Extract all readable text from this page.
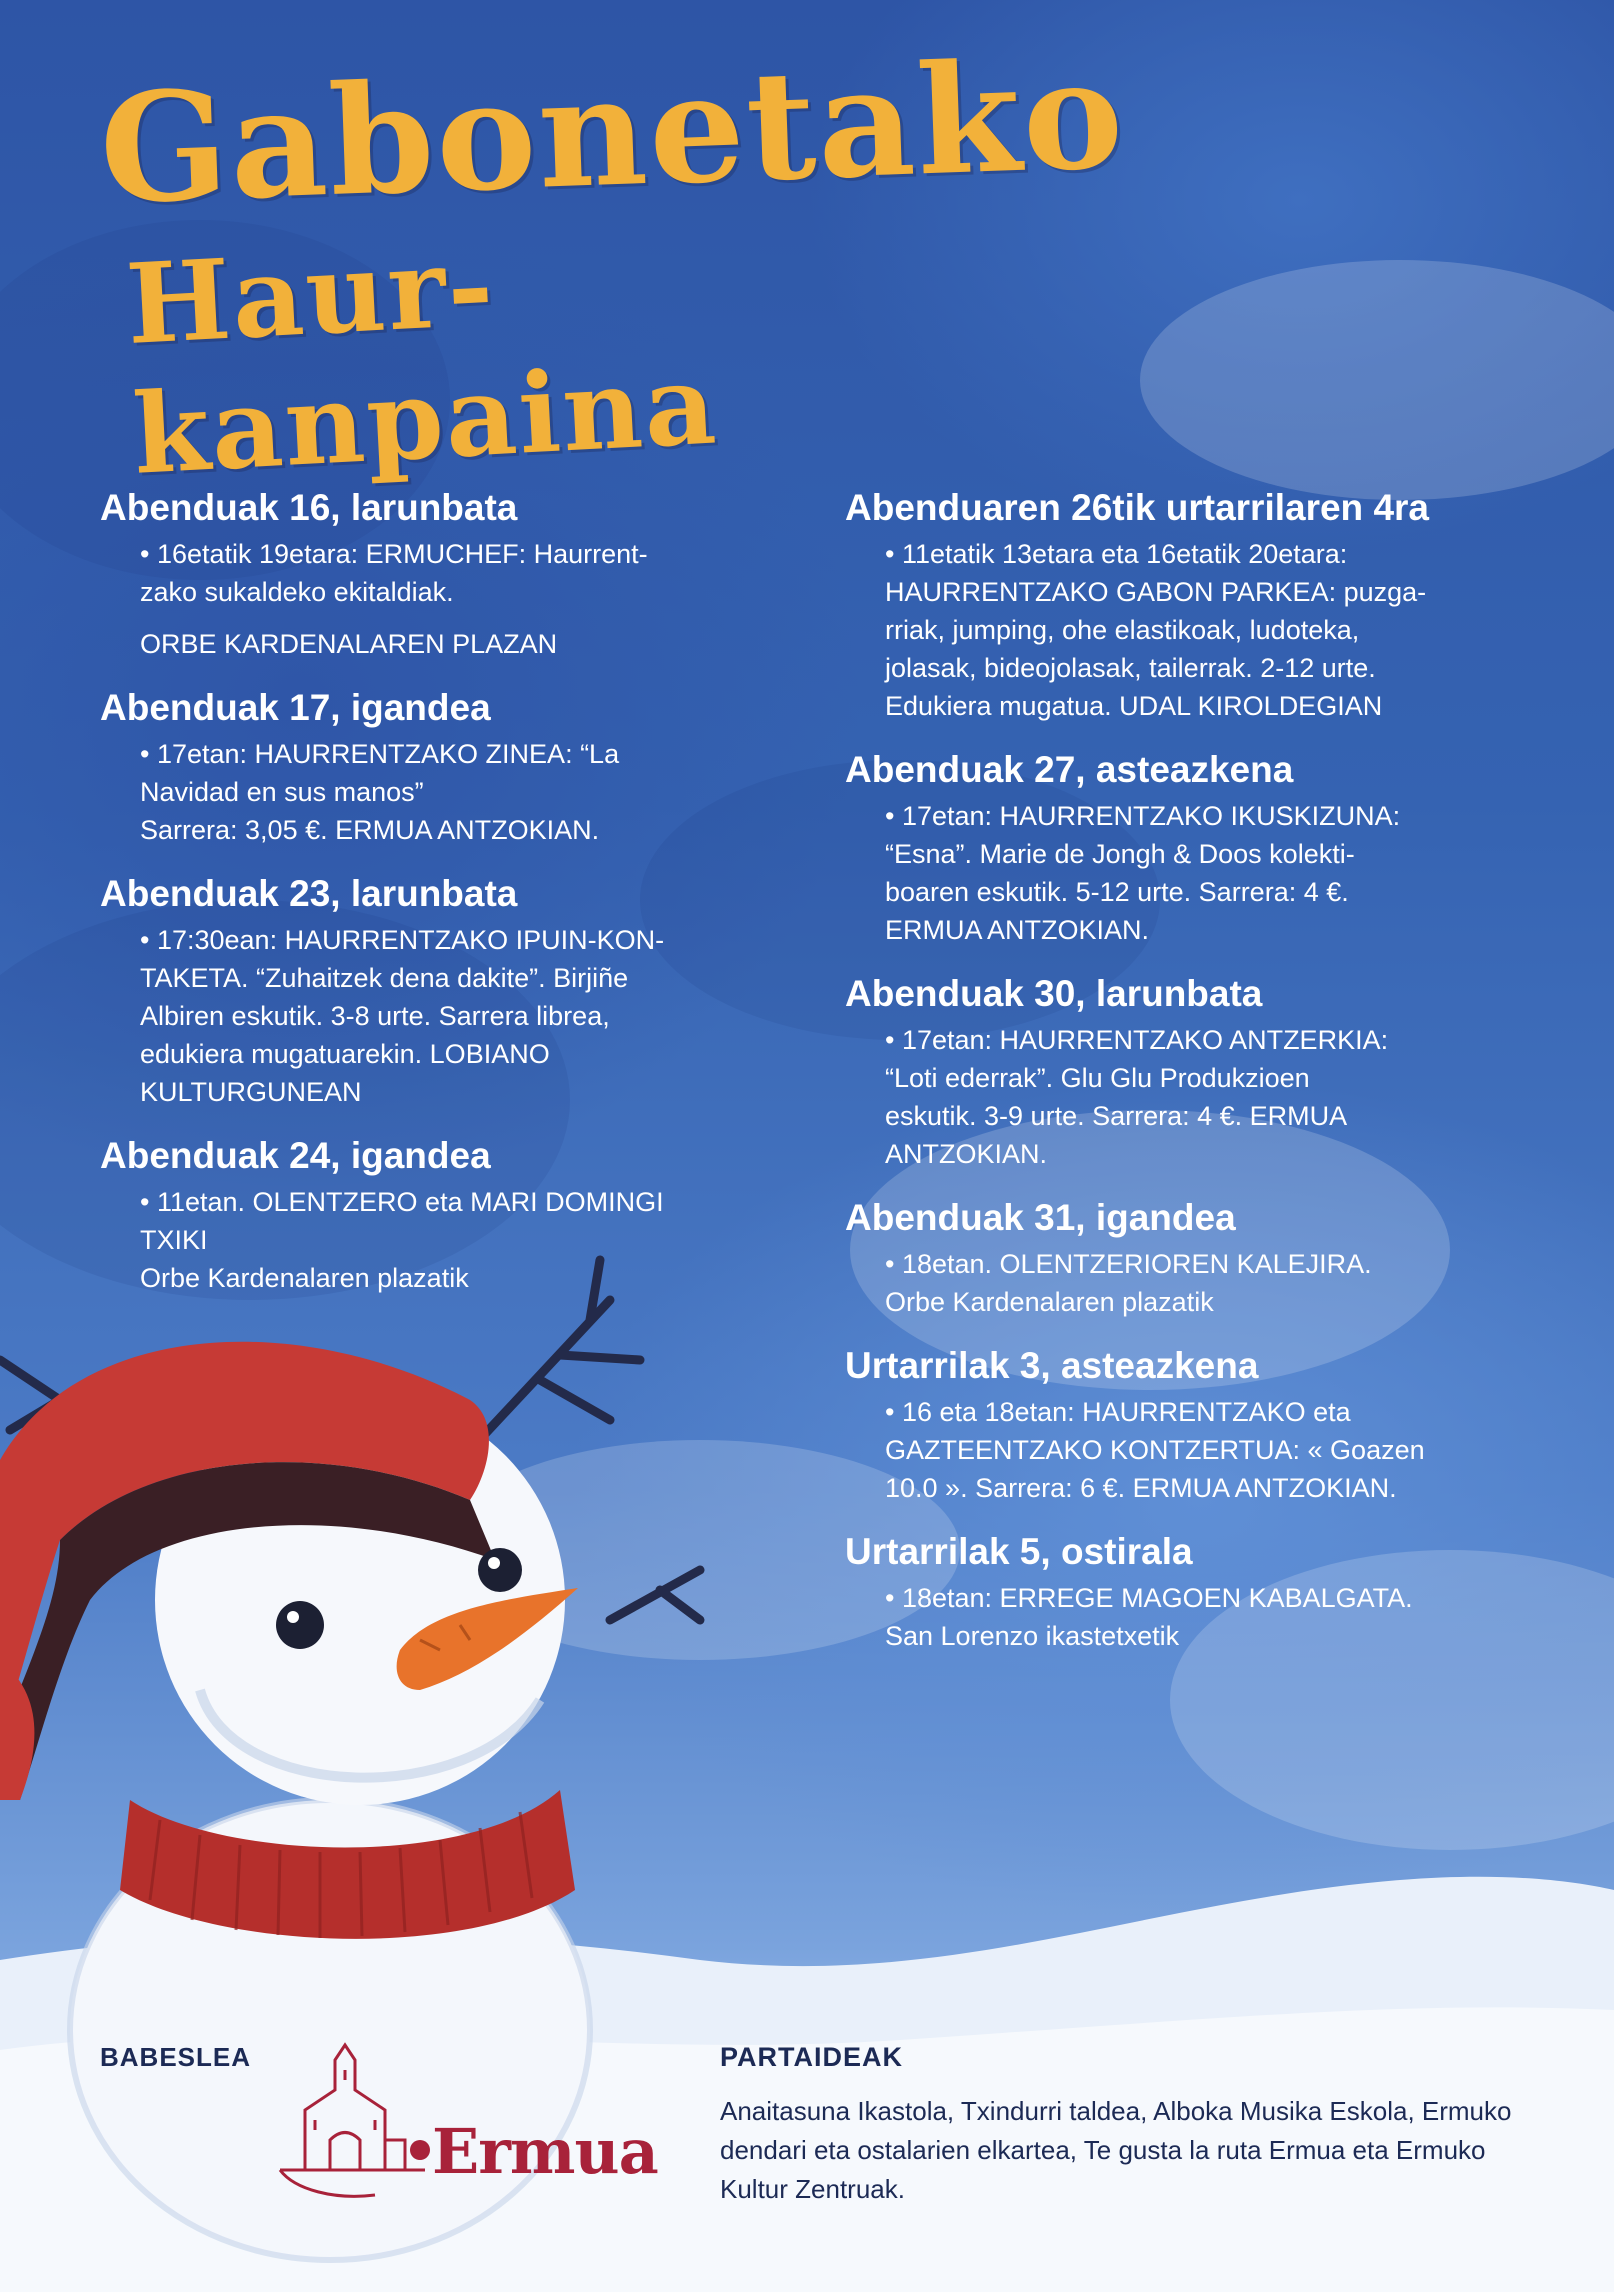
Gabonetako
Haur-kanpaina
Abenduak 16, larunbata
• 16etatik 19etara: ERMUCHEF: Haurrent-
zako sukaldeko ekitaldiak.
ORBE KARDENALAREN PLAZAN
Abenduak 17, igandea
• 17etan: HAURRENTZAKO ZINEA: “La
Navidad en sus manos”
Sarrera: 3,05 €. ERMUA ANTZOKIAN.
Abenduak 23, larunbata
• 17:30ean: HAURRENTZAKO IPUIN-KON-
TAKETA. “Zuhaitzek dena dakite”. Birjiñe
Albiren eskutik. 3-8 urte. Sarrera librea,
edukiera mugatuarekin. LOBIANO
KULTURGUNEAN
Abenduak 24, igandea
• 11etan. OLENTZERO eta MARI DOMINGI
TXIKI
Orbe Kardenalaren plazatik
Abenduaren 26tik urtarrilaren 4ra
• 11etatik 13etara eta 16etatik 20etara:
HAURRENTZAKO GABON PARKEA: puzga-
rriak, jumping, ohe elastikoak, ludoteka,
jolasak, bideojolasak, tailerrak. 2-12 urte.
Edukiera mugatua. UDAL KIROLDEGIAN
Abenduak 27, asteazkena
• 17etan: HAURRENTZAKO IKUSKIZUNA:
“Esna”. Marie de Jongh & Doos kolekti-
boaren eskutik. 5-12 urte. Sarrera: 4 €.
ERMUA ANTZOKIAN.
Abenduak 30, larunbata
• 17etan: HAURRENTZAKO ANTZERKIA:
“Loti ederrak”. Glu Glu Produkzioen
eskutik. 3-9 urte. Sarrera: 4 €. ERMUA
ANTZOKIAN.
Abenduak 31, igandea
• 18etan. OLENTZERIOREN KALEJIRA.
Orbe Kardenalaren plazatik
Urtarrilak 3, asteazkena
• 16 eta 18etan: HAURRENTZAKO eta
GAZTEENTZAKO KONTZERTUA: « Goazen
10.0 ». Sarrera: 6 €. ERMUA ANTZOKIAN.
Urtarrilak 5, ostirala
• 18etan: ERREGE MAGOEN KABALGATA.
San Lorenzo ikastetxetik
BABESLEA
Ermua
PARTAIDEAK
Anaitasuna Ikastola, Txindurri taldea, Alboka Musika Eskola, Ermuko dendari eta ostalarien elkartea, Te gusta la ruta Ermua eta Ermuko Kultur Zentruak.
